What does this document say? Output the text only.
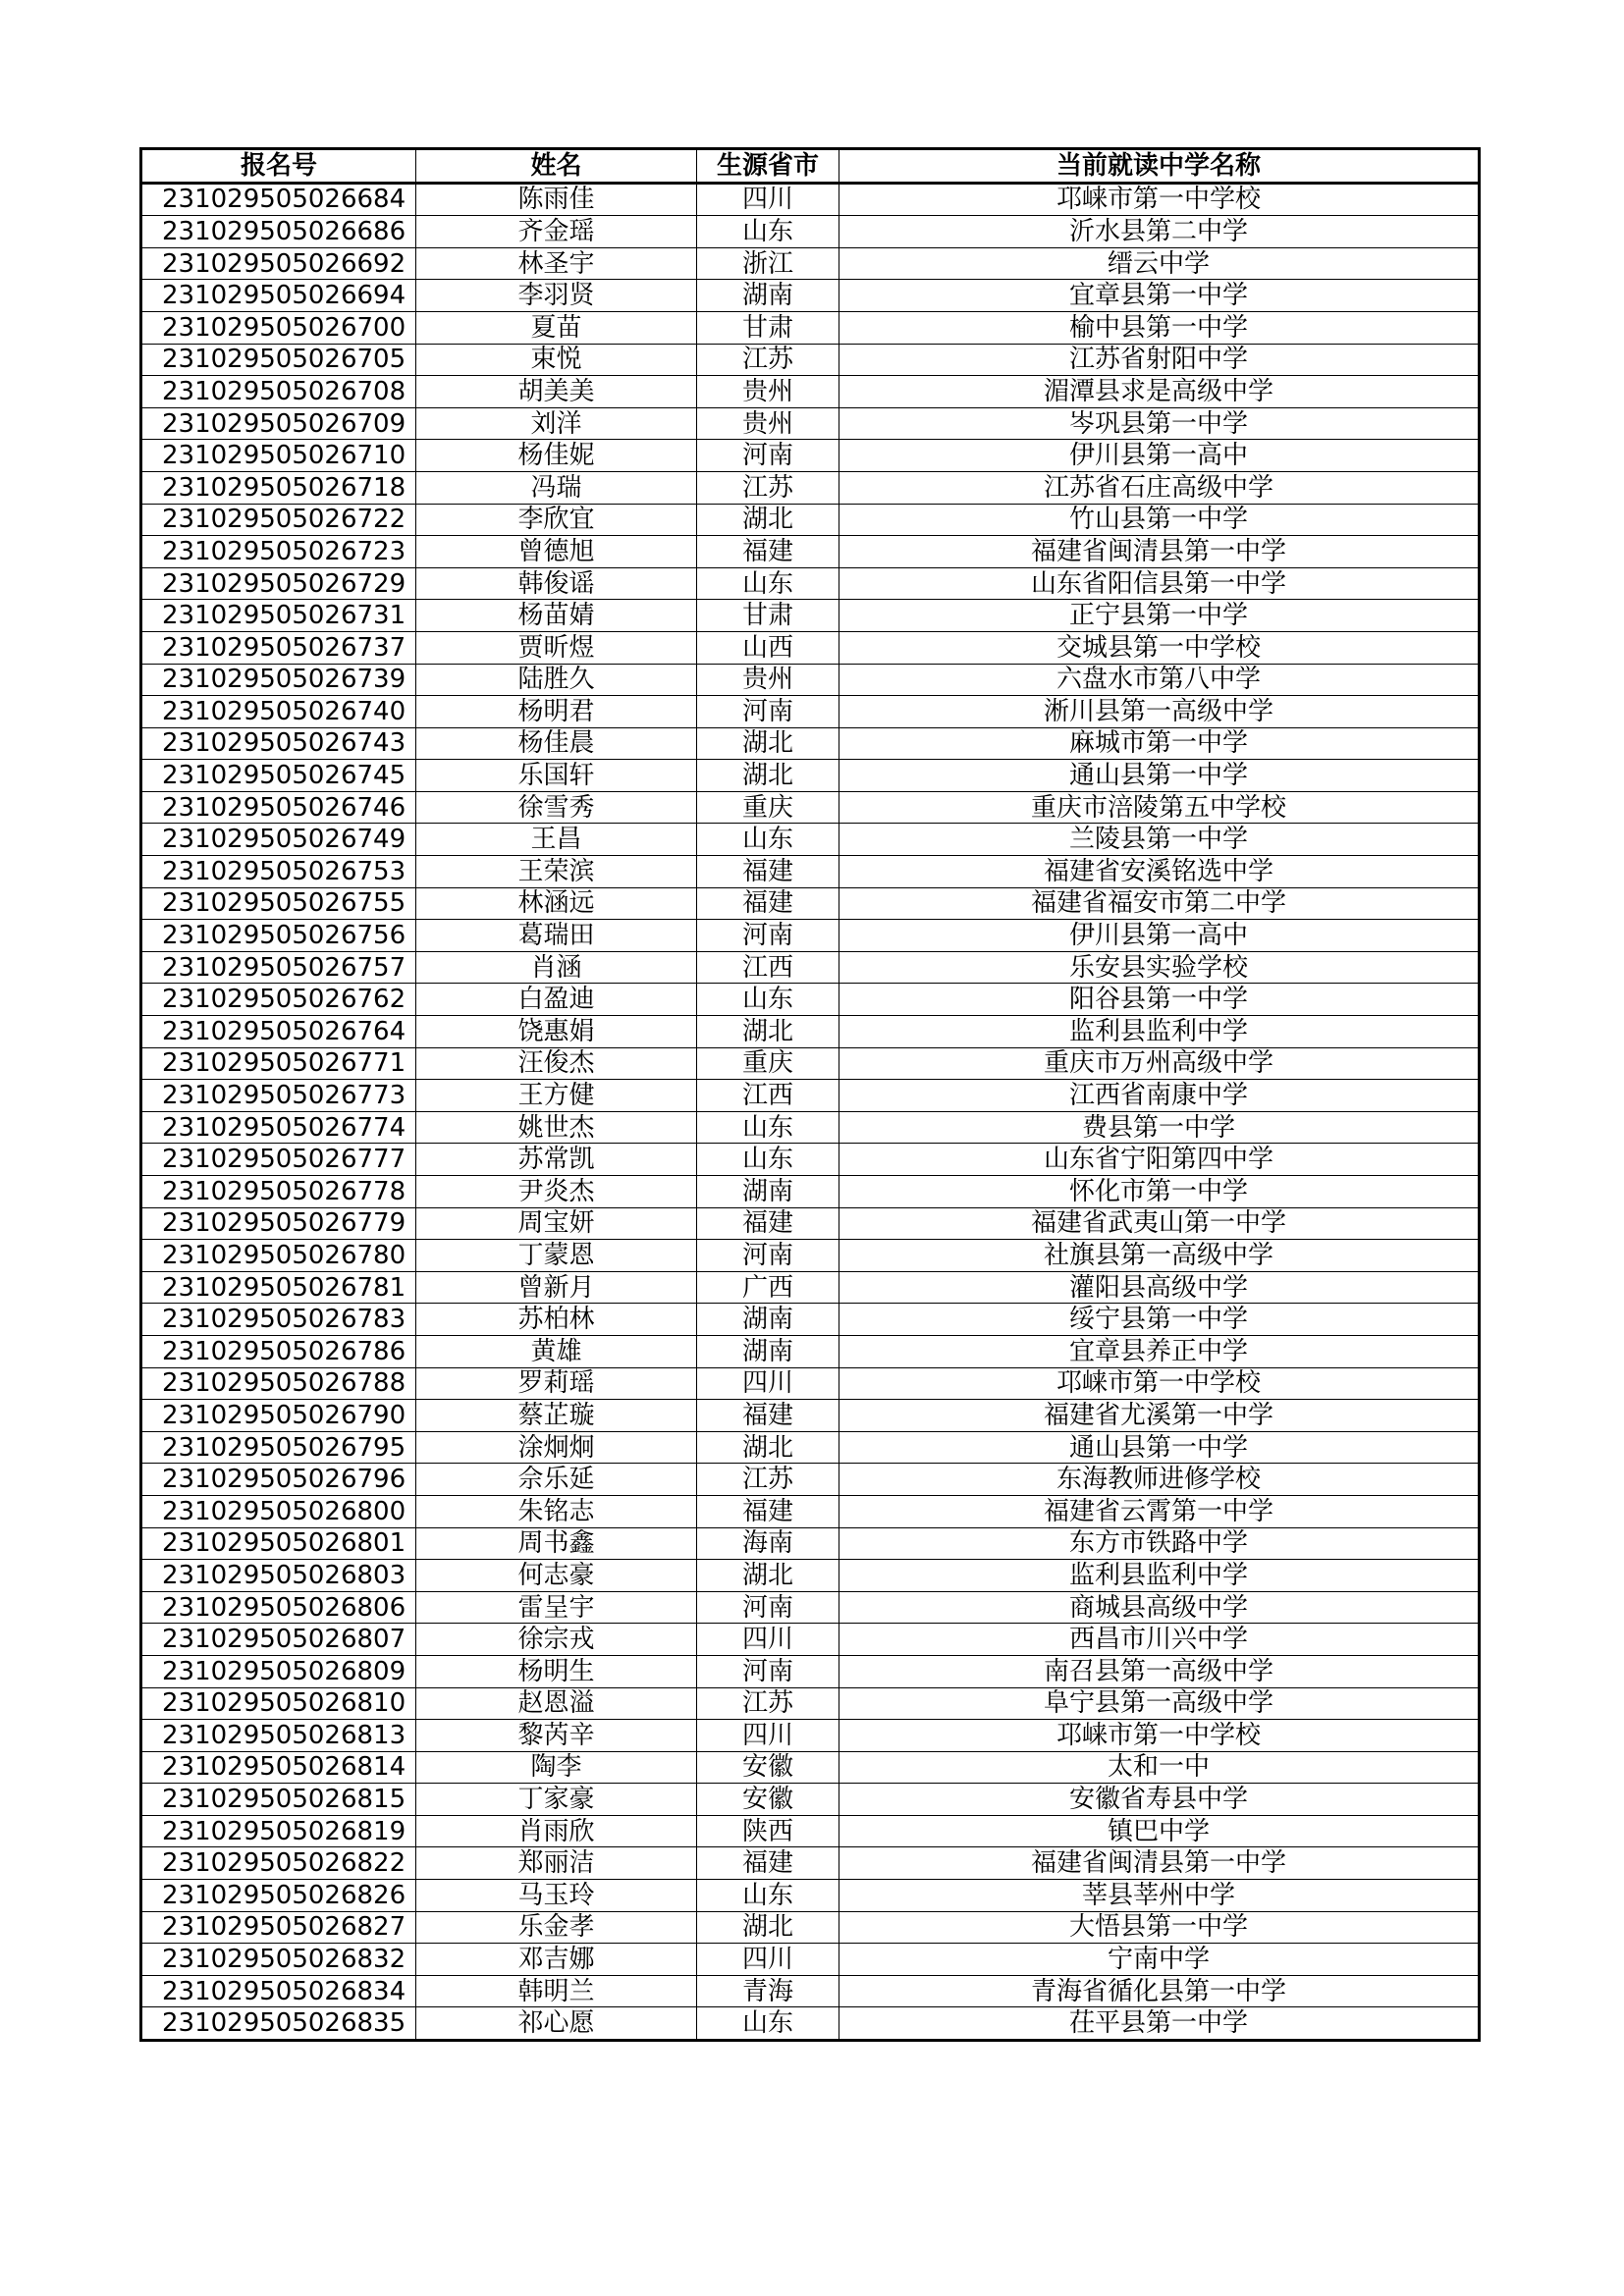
报名号	姓名	生源省市	当前就读中学名称
231029505026684	陈雨佳	四川	邛崃市第一中学校
231029505026686	齐金瑶	山东	沂水县第二中学
231029505026692	林圣宇	浙江	缙云中学
231029505026694	李羽贤	湖南	宜章县第一中学
231029505026700	夏苗	甘肃	榆中县第一中学
231029505026705	束悦	江苏	江苏省射阳中学
231029505026708	胡美美	贵州	湄潭县求是高级中学
231029505026709	刘洋	贵州	岑巩县第一中学
231029505026710	杨佳妮	河南	伊川县第一高中
231029505026718	冯瑞	江苏	江苏省石庄高级中学
231029505026722	李欣宜	湖北	竹山县第一中学
231029505026723	曾德旭	福建	福建省闽清县第一中学
231029505026729	韩俊谣	山东	山东省阳信县第一中学
231029505026731	杨苗婧	甘肃	正宁县第一中学
231029505026737	贾昕煜	山西	交城县第一中学校
231029505026739	陆胜久	贵州	六盘水市第八中学
231029505026740	杨明君	河南	淅川县第一高级中学
231029505026743	杨佳晨	湖北	麻城市第一中学
231029505026745	乐国轩	湖北	通山县第一中学
231029505026746	徐雪秀	重庆	重庆市涪陵第五中学校
231029505026749	王昌	山东	兰陵县第一中学
231029505026753	王荣滨	福建	福建省安溪铭选中学
231029505026755	林涵远	福建	福建省福安市第二中学
231029505026756	葛瑞田	河南	伊川县第一高中
231029505026757	肖涵	江西	乐安县实验学校
231029505026762	白盈迪	山东	阳谷县第一中学
231029505026764	饶惠娟	湖北	监利县监利中学
231029505026771	汪俊杰	重庆	重庆市万州高级中学
231029505026773	王方健	江西	江西省南康中学
231029505026774	姚世杰	山东	费县第一中学
231029505026777	苏常凯	山东	山东省宁阳第四中学
231029505026778	尹炎杰	湖南	怀化市第一中学
231029505026779	周宝妍	福建	福建省武夷山第一中学
231029505026780	丁蒙恩	河南	社旗县第一高级中学
231029505026781	曾新月	广西	灌阳县高级中学
231029505026783	苏柏林	湖南	绥宁县第一中学
231029505026786	黄雄	湖南	宜章县养正中学
231029505026788	罗莉瑶	四川	邛崃市第一中学校
231029505026790	蔡芷璇	福建	福建省尤溪第一中学
231029505026795	涂炯炯	湖北	通山县第一中学
231029505026796	佘乐延	江苏	东海教师进修学校
231029505026800	朱铭志	福建	福建省云霄第一中学
231029505026801	周书鑫	海南	东方市铁路中学
231029505026803	何志豪	湖北	监利县监利中学
231029505026806	雷呈宇	河南	商城县高级中学
231029505026807	徐宗戎	四川	西昌市川兴中学
231029505026809	杨明生	河南	南召县第一高级中学
231029505026810	赵恩溢	江苏	阜宁县第一高级中学
231029505026813	黎芮辛	四川	邛崃市第一中学校
231029505026814	陶李	安徽	太和一中
231029505026815	丁家豪	安徽	安徽省寿县中学
231029505026819	肖雨欣	陕西	镇巴中学
231029505026822	郑丽洁	福建	福建省闽清县第一中学
231029505026826	马玉玲	山东	莘县莘州中学
231029505026827	乐金孝	湖北	大悟县第一中学
231029505026832	邓吉娜	四川	宁南中学
231029505026834	韩明兰	青海	青海省循化县第一中学
231029505026835	祁心愿	山东	茌平县第一中学
